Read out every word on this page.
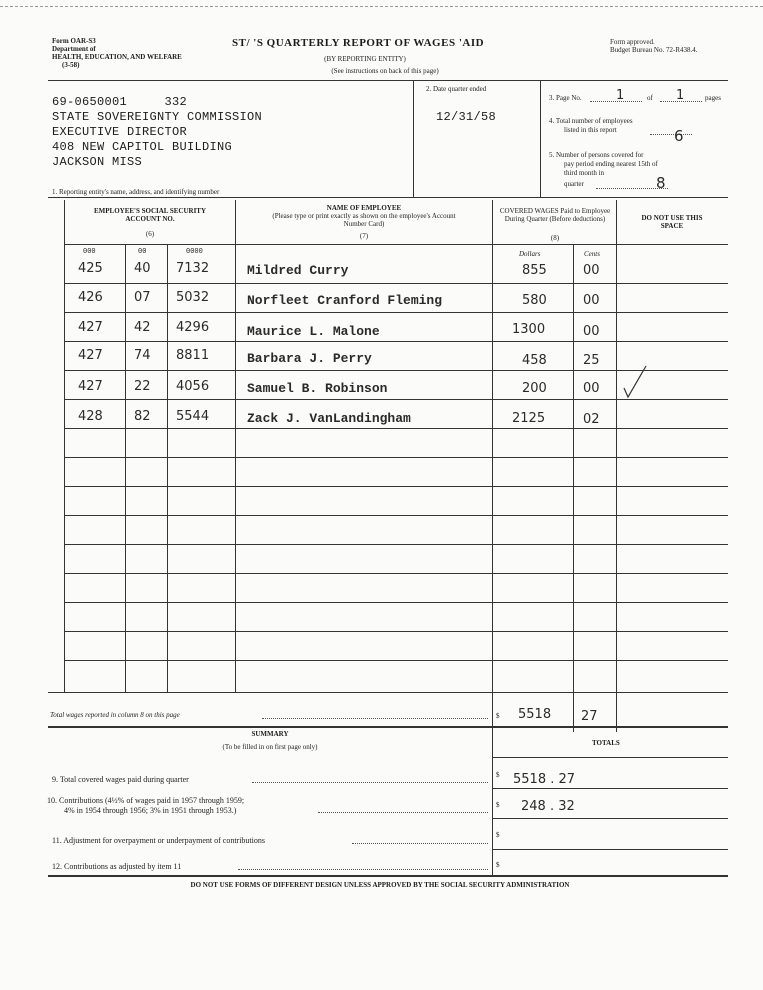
Form OAR-S3
Department of
HEALTH, EDUCATION, AND WELFARE
(3-58)
ST/ 'S QUARTERLY REPORT OF WAGES 'AID
(BY REPORTING ENTITY)
(See instructions on back of this page)
Form approved.
Budget Bureau No. 72-R438.4.
69-0650001     332
STATE SOVEREIGNTY COMMISSION
EXECUTIVE DIRECTOR
408 NEW CAPITOL BUILDING
JACKSON MISS
1. Reporting entity's name, address, and identifying number
2. Date quarter ended
12/31/58
3. Page No.	1	of 1	pages
4. Total number of employees
listed in this report	6
5. Number of persons covered for
pay period ending nearest 15th of
third month in
quarter	8
EMPLOYEE'S SOCIAL SECURITY ACCOUNT NO.
(6)
NAME OF EMPLOYEE
(Please type or print exactly as shown on the employee's Account Number Card)
(7)
COVERED WAGES Paid to Employee During Quarter (Before deductions)
(8)
DO NOT USE THIS SPACE
000	00	0000	Dollars	Cents
425 40 7132	Mildred Curry	855	00
426 07 5032	Norfleet Cranford Fleming	580	00
427 42 4296	Maurice L. Malone	1300	00
427 74 8811	Barbara J. Perry	458	25
427 22 4056	Samuel B. Robinson	200	00
428 82 5544	Zack J. VanLandingham	2125	02
Total wages reported in column 8 on this page	$ 5518 27
SUMMARY
(To be filled in on first page only)	TOTALS
9. Total covered wages paid during quarter	$ 5518 . 27
10. Contributions (4½% of wages paid in 1957 through 1959;
4% in 1954 through 1956; 3% in 1951 through 1953.)
$ 248 . 32
11. Adjustment for overpayment or underpayment of contributions
$
12. Contributions as adjusted by item 11	$
DO NOT USE FORMS OF DIFFERENT DESIGN UNLESS APPROVED BY THE SOCIAL SECURITY ADMINISTRATION
